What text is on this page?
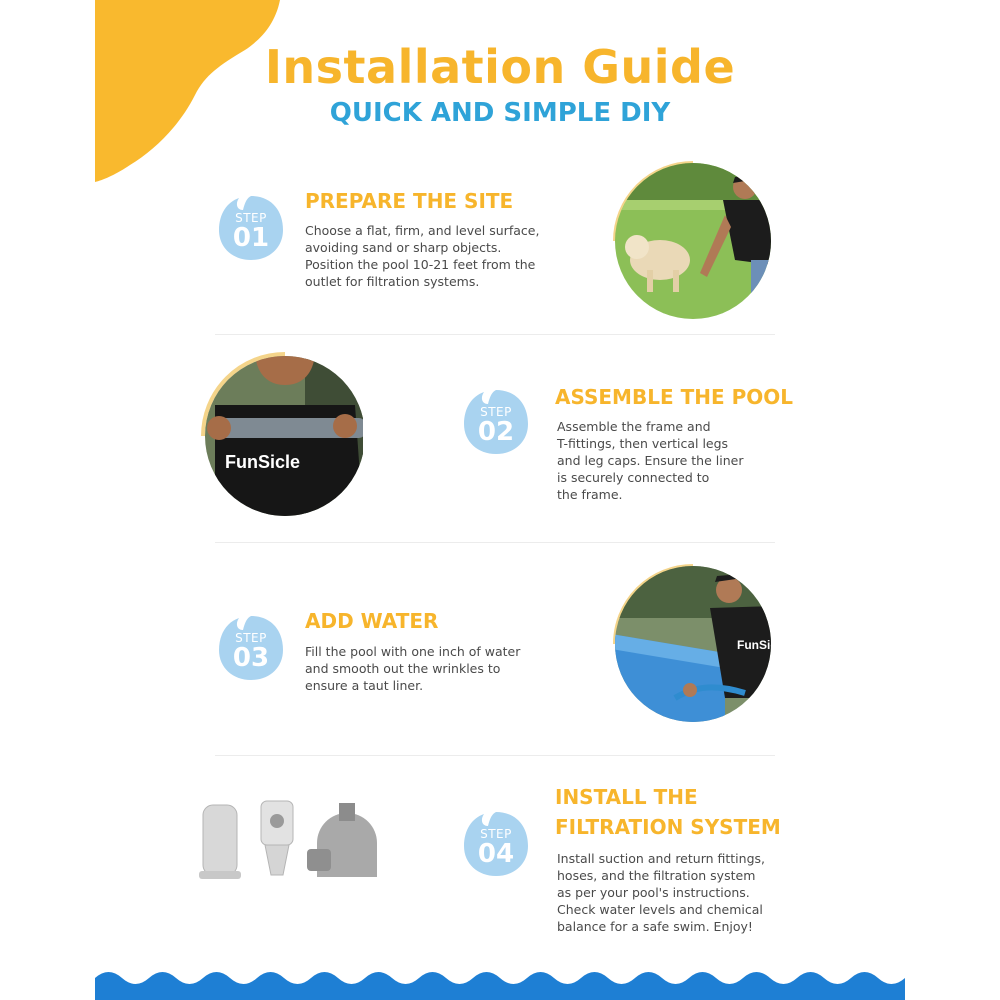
Installation Guide
QUICK AND SIMPLE DIY
STEP
01
PREPARE THE SITE
Choose a flat, firm, and level surface,
avoiding sand or sharp objects.
Position the pool 10-21 feet from the
outlet for filtration systems.
FunSicle
STEP
02
ASSEMBLE THE POOL
Assemble the frame and
T-fittings, then vertical legs
and leg caps. Ensure the liner
is securely connected to
the frame.
STEP
03
ADD WATER
Fill the pool with one inch of water
and smooth out the wrinkles to
ensure a taut liner.
FunSicle
STEP
04
INSTALL THE
FILTRATION SYSTEM
Install suction and return fittings,
hoses, and the filtration system
as per your pool's instructions.
Check water levels and chemical
balance for a safe swim. Enjoy!
